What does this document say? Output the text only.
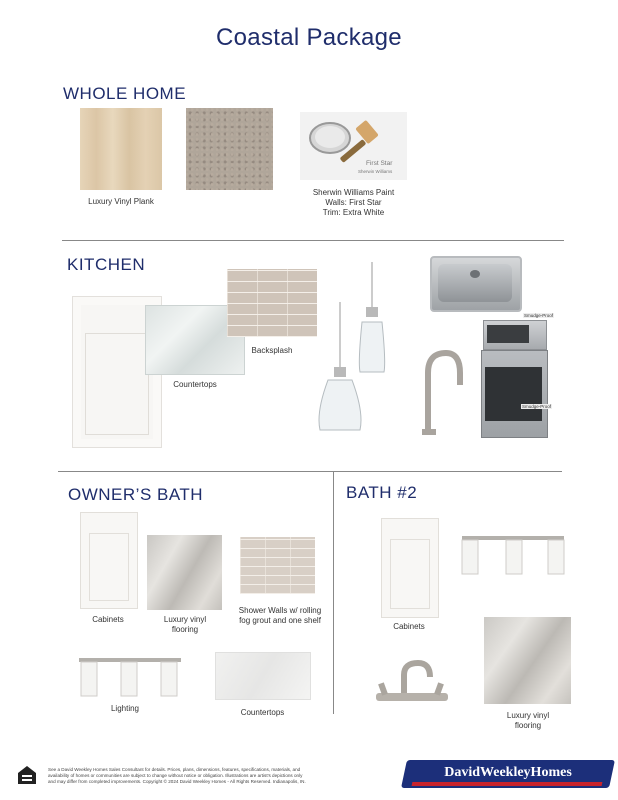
Coastal Package
WHOLE HOME
Luxury Vinyl Plank
First Star
Sherwin Williams
Sherwin Williams Paint
Walls: First Star
Trim: Extra White
KITCHEN
Countertops
Backsplash
Smudge-Proof
Smudge-Proof
OWNER’S BATH
Cabinets	Luxury vinyl
flooring
Shower Walls w/ rolling
fog grout and one shelf
Lighting	Countertops
BATH #2
Cabinets
Luxury vinyl
flooring
See a David Weekley Homes Sales Consultant for details. Prices, plans, dimensions, features, specifications, materials, and
availability of homes or communities are subject to change without notice or obligation. Illustrations are artist's depictions only
and may differ from completed improvements. Copyright © 2024 David Weekley Homes - All Rights Reserved. Indianapolis, IN.
DavidWeekleyHomes
